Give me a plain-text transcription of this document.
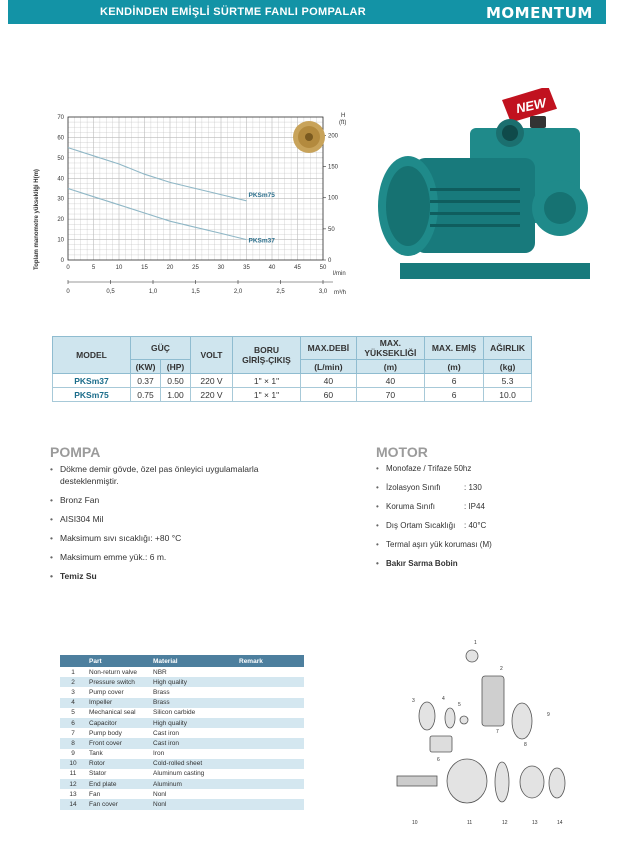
KENDİNDEN EMİŞLİ SÜRTME FANLI POMPALAR	MOMENTUM
Toplam manometre yüksekliği H(m)
70
60
50
40
30
20
10
0
200
150
100
50
0
H
(ft)
0	5	10	15	20	25	30	35	40	45	50
l/min
0	0,5	1,0	1,5	2,0	2,5	3,0 m³/h
PKSm75
PKSm37
NEW
MODEL	GÜÇ		VOLT	BORU
GİRİŞ-ÇIKIŞ	MAX.DEBİ	MAX.
YÜKSEKLİĞİ	MAX. EMİŞ	AĞIRLIK
	(KW)	(HP)			(L/min)	(m)	(m)	(kg)
PKSm37	0.37	0.50	220 V	1" × 1"	40	40	6	5.3
PKSm75	0.75	1.00	220 V	1" × 1"	60	70	6	10.0
POMPA
• Dökme demir gövde, özel pas önleyici uygulamalarla desteklenmiştir.
• Bronz Fan
• AISI304 Mil
• Maksimum sıvı sıcaklığı: +80 °C
• Maksimum emme yük.: 6 m.
• Temiz Su
MOTOR
• Monofaze / Trifaze 50hz
• İzolasyon Sınıfı	: 130
• Koruma Sınıfı	: IP44
• Dış Ortam Sıcaklığı : 40°C
• Termal aşırı yük koruması (M)
• Bakır Sarma Bobin
	Part	Material	Remark
1	Non-return valve	NBR	
2	Pressure switch	High quality	
3	Pump cover	Brass	
4	Impeller	Brass	
5	Mechanical seal	Silicon carbide	
6	Capacitor	High quality	
7	Pump body	Cast iron	
8	Front cover	Cast iron	
9	Tank	Iron	
10	Rotor	Cold-rolled sheet	
11	Stator	Aluminum casting	
12	End plate	Aluminum	
13	Fan	Nonl	
14	Fan cover	Nonl	
1
2
3	4
5
6
7
8
9
10	11	12	13	14
